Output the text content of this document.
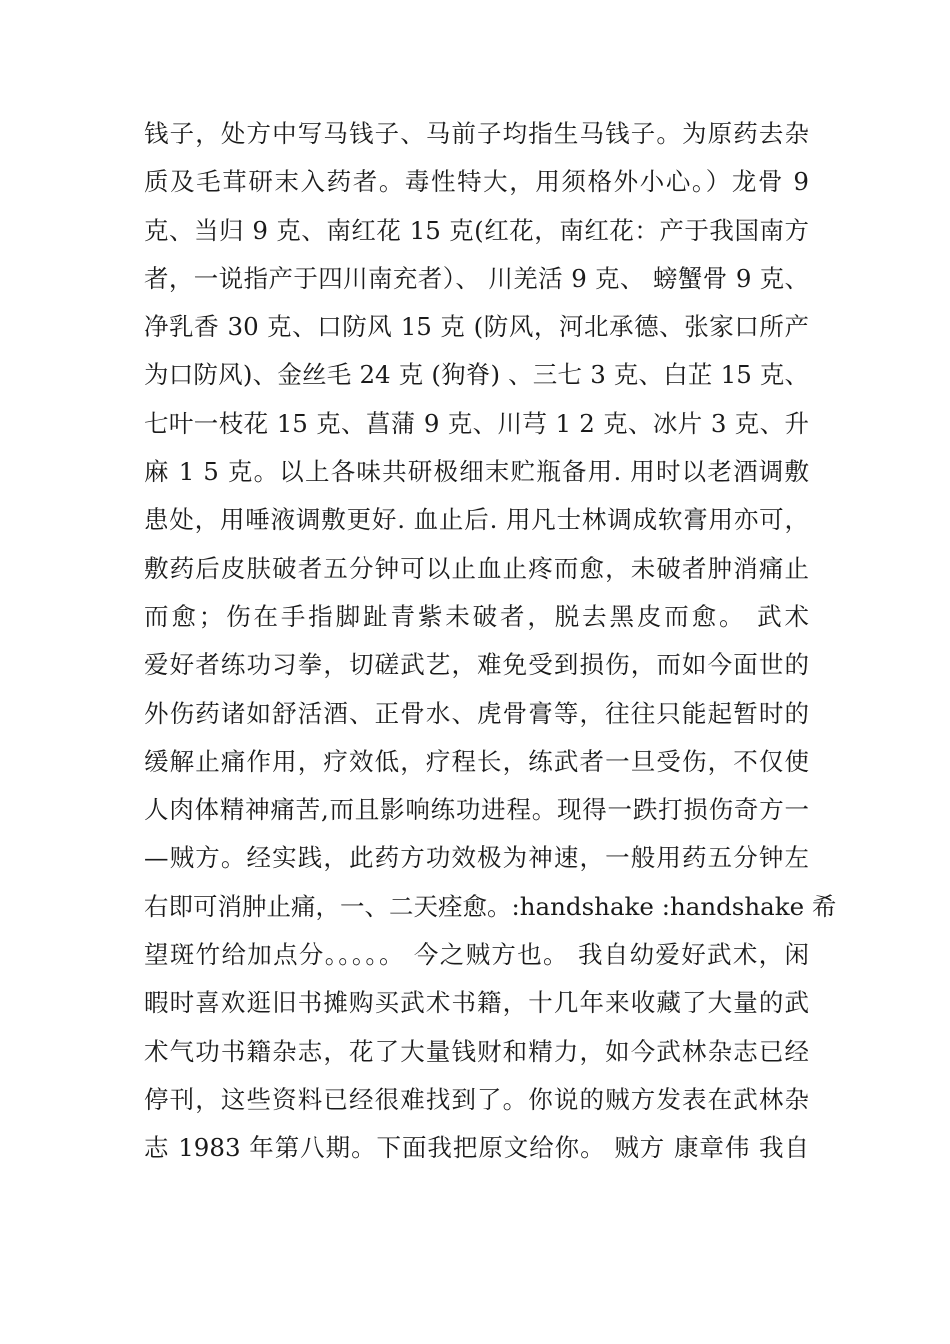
钱子，处方中写马钱子、马前子均指生马钱子。为原药去杂
质及毛茸研末入药者。毒性特大，用须格外小心。）龙骨 9
克、当归 9 克、南红花 15 克(红花，南红花：产于我国南方
者，一说指产于四川南充者）、 川羌活 9 克、 螃蟹骨 9 克、
净乳香 30 克、口防风 15 克 (防风，河北承德、张家口所产
为口防风)、金丝毛 24 克 (狗脊) 、三七 3 克、白芷 15 克、
七叶一枝花 15 克、菖蒲 9 克、川芎 1 2 克、冰片 3 克、升
麻 1 5 克。以上各味共研极细末贮瓶备用. 用时以老酒调敷
患处，用唾液调敷更好. 血止后. 用凡士林调成软膏用亦可，
敷药后皮肤破者五分钟可以止血止疼而愈，未破者肿消痛止
而愈；伤在手指脚趾青紫未破者，脱去黑皮而愈。 武术
爱好者练功习拳，切磋武艺，难免受到损伤，而如今面世的
外伤药诸如舒活酒、正骨水、虎骨膏等，往往只能起暂时的
缓解止痛作用，疗效低，疗程长，练武者一旦受伤，不仅使
人肉体精神痛苦,而且影响练功进程。现得一跌打损伤奇方一
—贼方。经实践，此药方功效极为神速，一般用药五分钟左
右即可消肿止痛，一、二天痊愈。:handshake :handshake 希
望斑竹给加点分。。。。。 今之贼方也。 我自幼爱好武术，闲
暇时喜欢逛旧书摊购买武术书籍，十几年来收藏了大量的武
术气功书籍杂志，花了大量钱财和精力，如今武林杂志已经
停刊，这些资料已经很难找到了。你说的贼方发表在武林杂
志 1983 年第八期。下面我把原文给你。 贼方 康章伟 我自
